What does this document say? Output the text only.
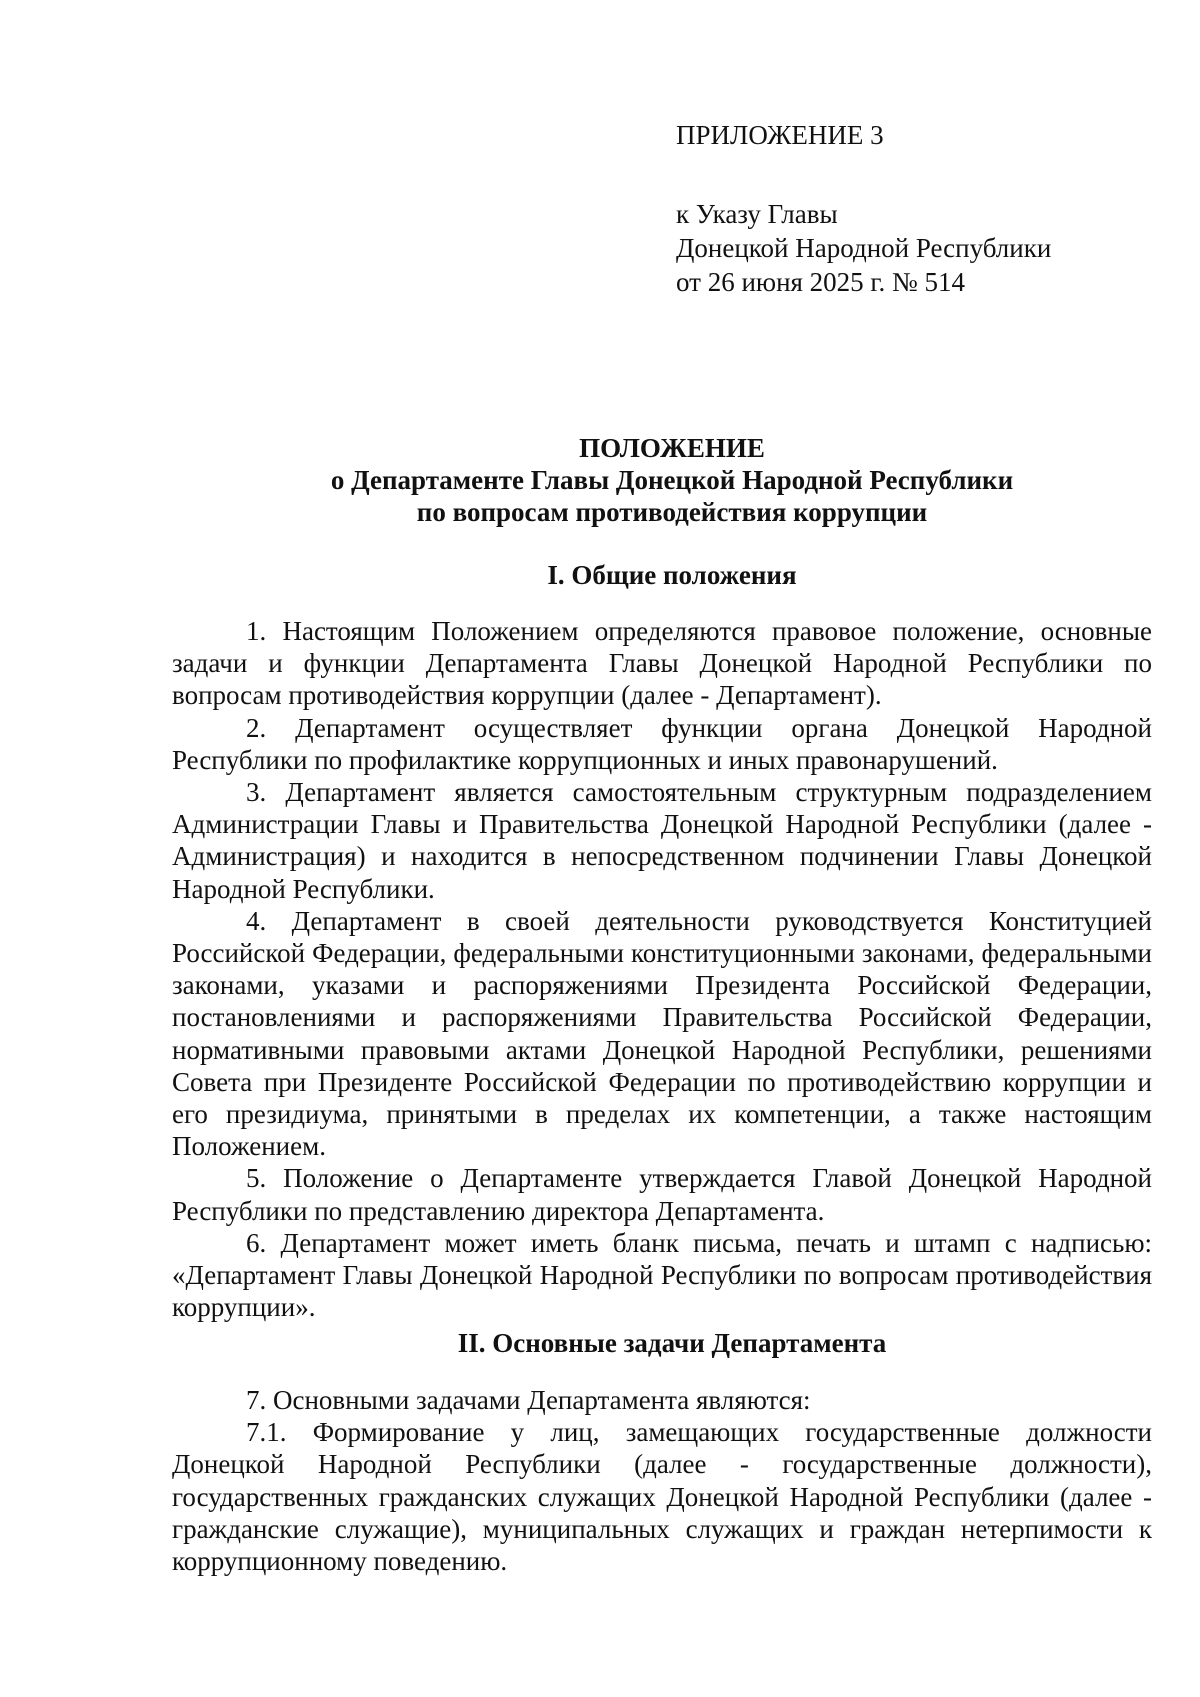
ПРИЛОЖЕНИЕ 3
к Указу Главы
Донецкой Народной Республики
от 26 июня 2025 г. № 514
ПОЛОЖЕНИЕ
о Департаменте Главы Донецкой Народной Республики
по вопросам противодействия коррупции
I. Общие положения

1. Настоящим Положением определяются правовое положение, основные задачи и функции Департамента Главы Донецкой Народной Республики по вопросам противодействия коррупции (далее - Департамент).

2. Департамент осуществляет функции органа Донецкой Народной Республики по профилактике коррупционных и иных правонарушений.

3. Департамент является самостоятельным структурным подразделением Администрации Главы и Правительства Донецкой Народной Республики (далее - Администрация) и находится в непосредственном подчинении Главы Донецкой Народной Республики.

4. Департамент в своей деятельности руководствуется Конституцией Российской Федерации, федеральными конституционными законами, федеральными законами, указами и распоряжениями Президента Российской Федерации, постановлениями и распоряжениями Правительства Российской Федерации, нормативными правовыми актами Донецкой Народной Республики, решениями Совета при Президенте Российской Федерации по противодействию коррупции и его президиума, принятыми в пределах их компетенции, а также настоящим Положением.

5. Положение о Департаменте утверждается Главой Донецкой Народной Республики по представлению директора Департамента.

6. Департамент может иметь бланк письма, печать и штамп с надписью: «Департамент Главы Донецкой Народной Республики по вопросам противодействия коррупции».

II. Основные задачи Департамента

7. Основными задачами Департамента являются:

7.1. Формирование у лиц, замещающих государственные должности Донецкой Народной Республики (далее - государственные должности), государственных гражданских служащих Донецкой Народной Республики (далее - гражданские служащие), муниципальных служащих и граждан нетерпимости к коррупционному поведению.
